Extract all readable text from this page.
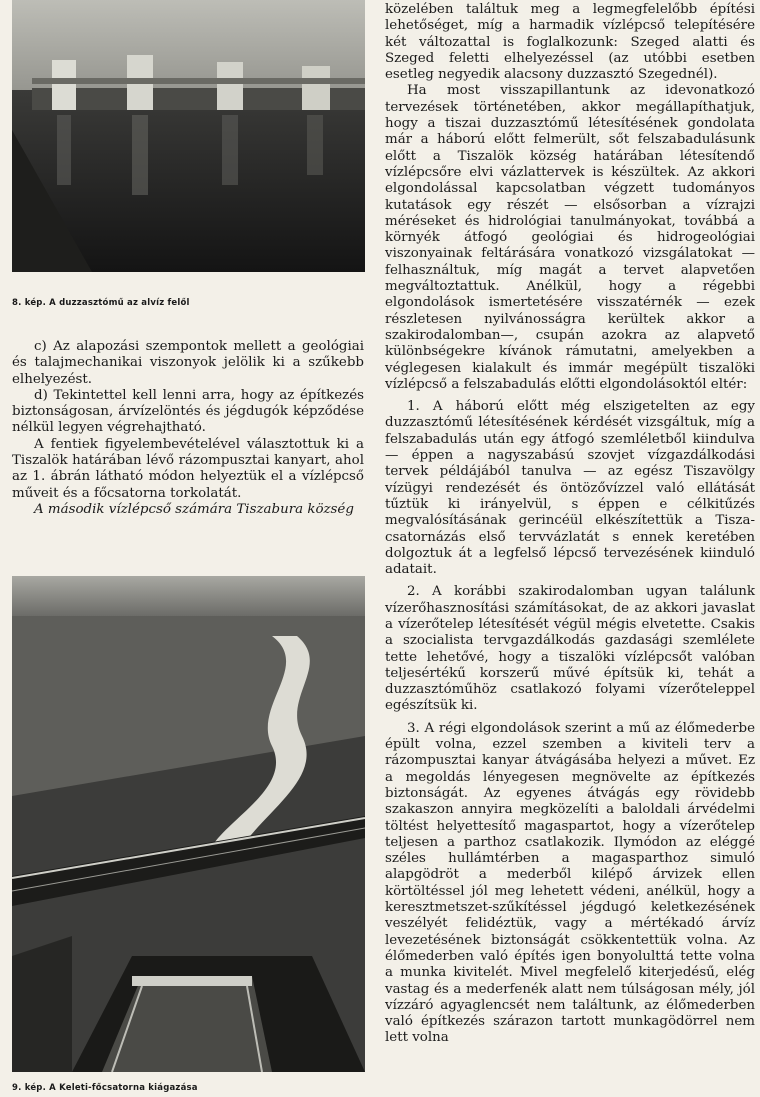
8. kép. A duzzasztómű az alvíz felől

c) Az alapozási szempontok mellett a geológiai és talajmechanikai viszonyok jelölik ki a szűkebb elhelyezést.

d) Tekintettel kell lenni arra, hogy az építkezés biztonságosan, árvízelöntés és jégdugók képződése nélkül legyen végrehajtható.

A fentiek figyelembevételével választottuk ki a Tiszalök határában lévő rázompusztai kanyart, ahol az 1. ábrán látható módon helyeztük el a vízlépcső műveit és a főcsatorna torkolatát.

A második vízlépcső számára Tiszabura község

9. kép. A Keleti-főcsatorna kiágazása

közelében találtuk meg a legmegfelelőbb építési lehetőséget, míg a harmadik vízlépcső telepítésére két változattal is foglalkozunk: Szeged alatti és Szeged feletti elhelyezéssel (az utóbbi esetben esetleg negyedik alacsony duzzasztó Szegednél).

Ha most visszapillantunk az idevonatkozó tervezések történetében, akkor megállapíthatjuk, hogy a tiszai duzzasztómű létesítésének gondolata már a háború előtt felmerült, sőt felszabadulásunk előtt a Tiszalök község határában létesítendő vízlépcsőre elvi vázlattervek is készültek. Az akkori elgondolással kapcsolatban végzett tudományos kutatások egy részét — elsősorban a vízrajzi méréseket és hidrológiai tanulmányokat, továbbá a környék átfogó geológiai és hidrogeológiai viszonyainak feltárására vonatkozó vizsgálatokat — felhasználtuk, míg magát a tervet alapvetően megváltoztattuk. Anélkül, hogy a régebbi elgondolások ismertetésére visszatérnék — ezek részletesen nyilvánosságra kerültek akkor a szakirodalomban—, csupán azokra az alapvető különbségekre kívánok rámutatni, amelyekben a véglegesen kialakult és immár megépült tiszalöki vízlépcső a felszabadulás előtti elgondolásoktól eltér:

1. A háború előtt még elszigetelten az egy duzzasztómű létesítésének kérdését vizsgáltuk, míg a felszabadulás után egy átfogó szemléletből kiindulva — éppen a nagyszabású szovjet vízgazdálkodási tervek példájából tanulva — az egész Tiszavölgy vízügyi rendezését és öntözővízzel való ellátását tűztük ki irányelvül, s éppen e célkitűzés megvalósításának gerincéül elkészítettük a Tisza-csatornázás első tervvázlatát s ennek keretében dolgoztuk át a legfelső lépcső tervezésének kiinduló adatait.

2. A korábbi szakirodalomban ugyan találunk vízerőhasznosítási számításokat, de az akkori javaslat a vízerőtelep létesítését végül mégis elvetette. Csakis a szocialista tervgazdálkodás gazdasági szemlélete tette lehetővé, hogy a tiszalöki vízlépcsőt valóban teljesértékű korszerű művé építsük ki, tehát a duzzasztóműhöz csatlakozó folyami vízerőteleppel egészítsük ki.

3. A régi elgondolások szerint a mű az élőmederbe épült volna, ezzel szemben a kiviteli terv a rázompusztai kanyar átvágásába helyezi a művet. Ez a megoldás lényegesen megnövelte az építkezés biztonságát. Az egyenes átvágás egy rövidebb szakaszon annyira megközelíti a baloldali árvédelmi töltést helyettesítő magaspartot, hogy a vízerőtelep teljesen a parthoz csatlakozik. Ilymódon az eléggé széles hullámtérben a magasparthoz simuló alapgödröt a mederből kilépő árvizek ellen körtöltéssel jól meg lehetett védeni, anélkül, hogy a keresztmetszet-szűkítéssel jégdugó keletkezésének veszélyét felidéztük, vagy a mértékadó árvíz levezetésének biztonságát csökkentettük volna. Az élőmederben való építés igen bonyolulttá tette volna a munka kivitelét. Mivel megfelelő kiterjedésű, elég vastag és a mederfenék alatt nem túlságosan mély, jól vízzáró agyaglencsét nem találtunk, az élőmederben való építkezés szárazon tartott munkagödörrel nem lett volna
